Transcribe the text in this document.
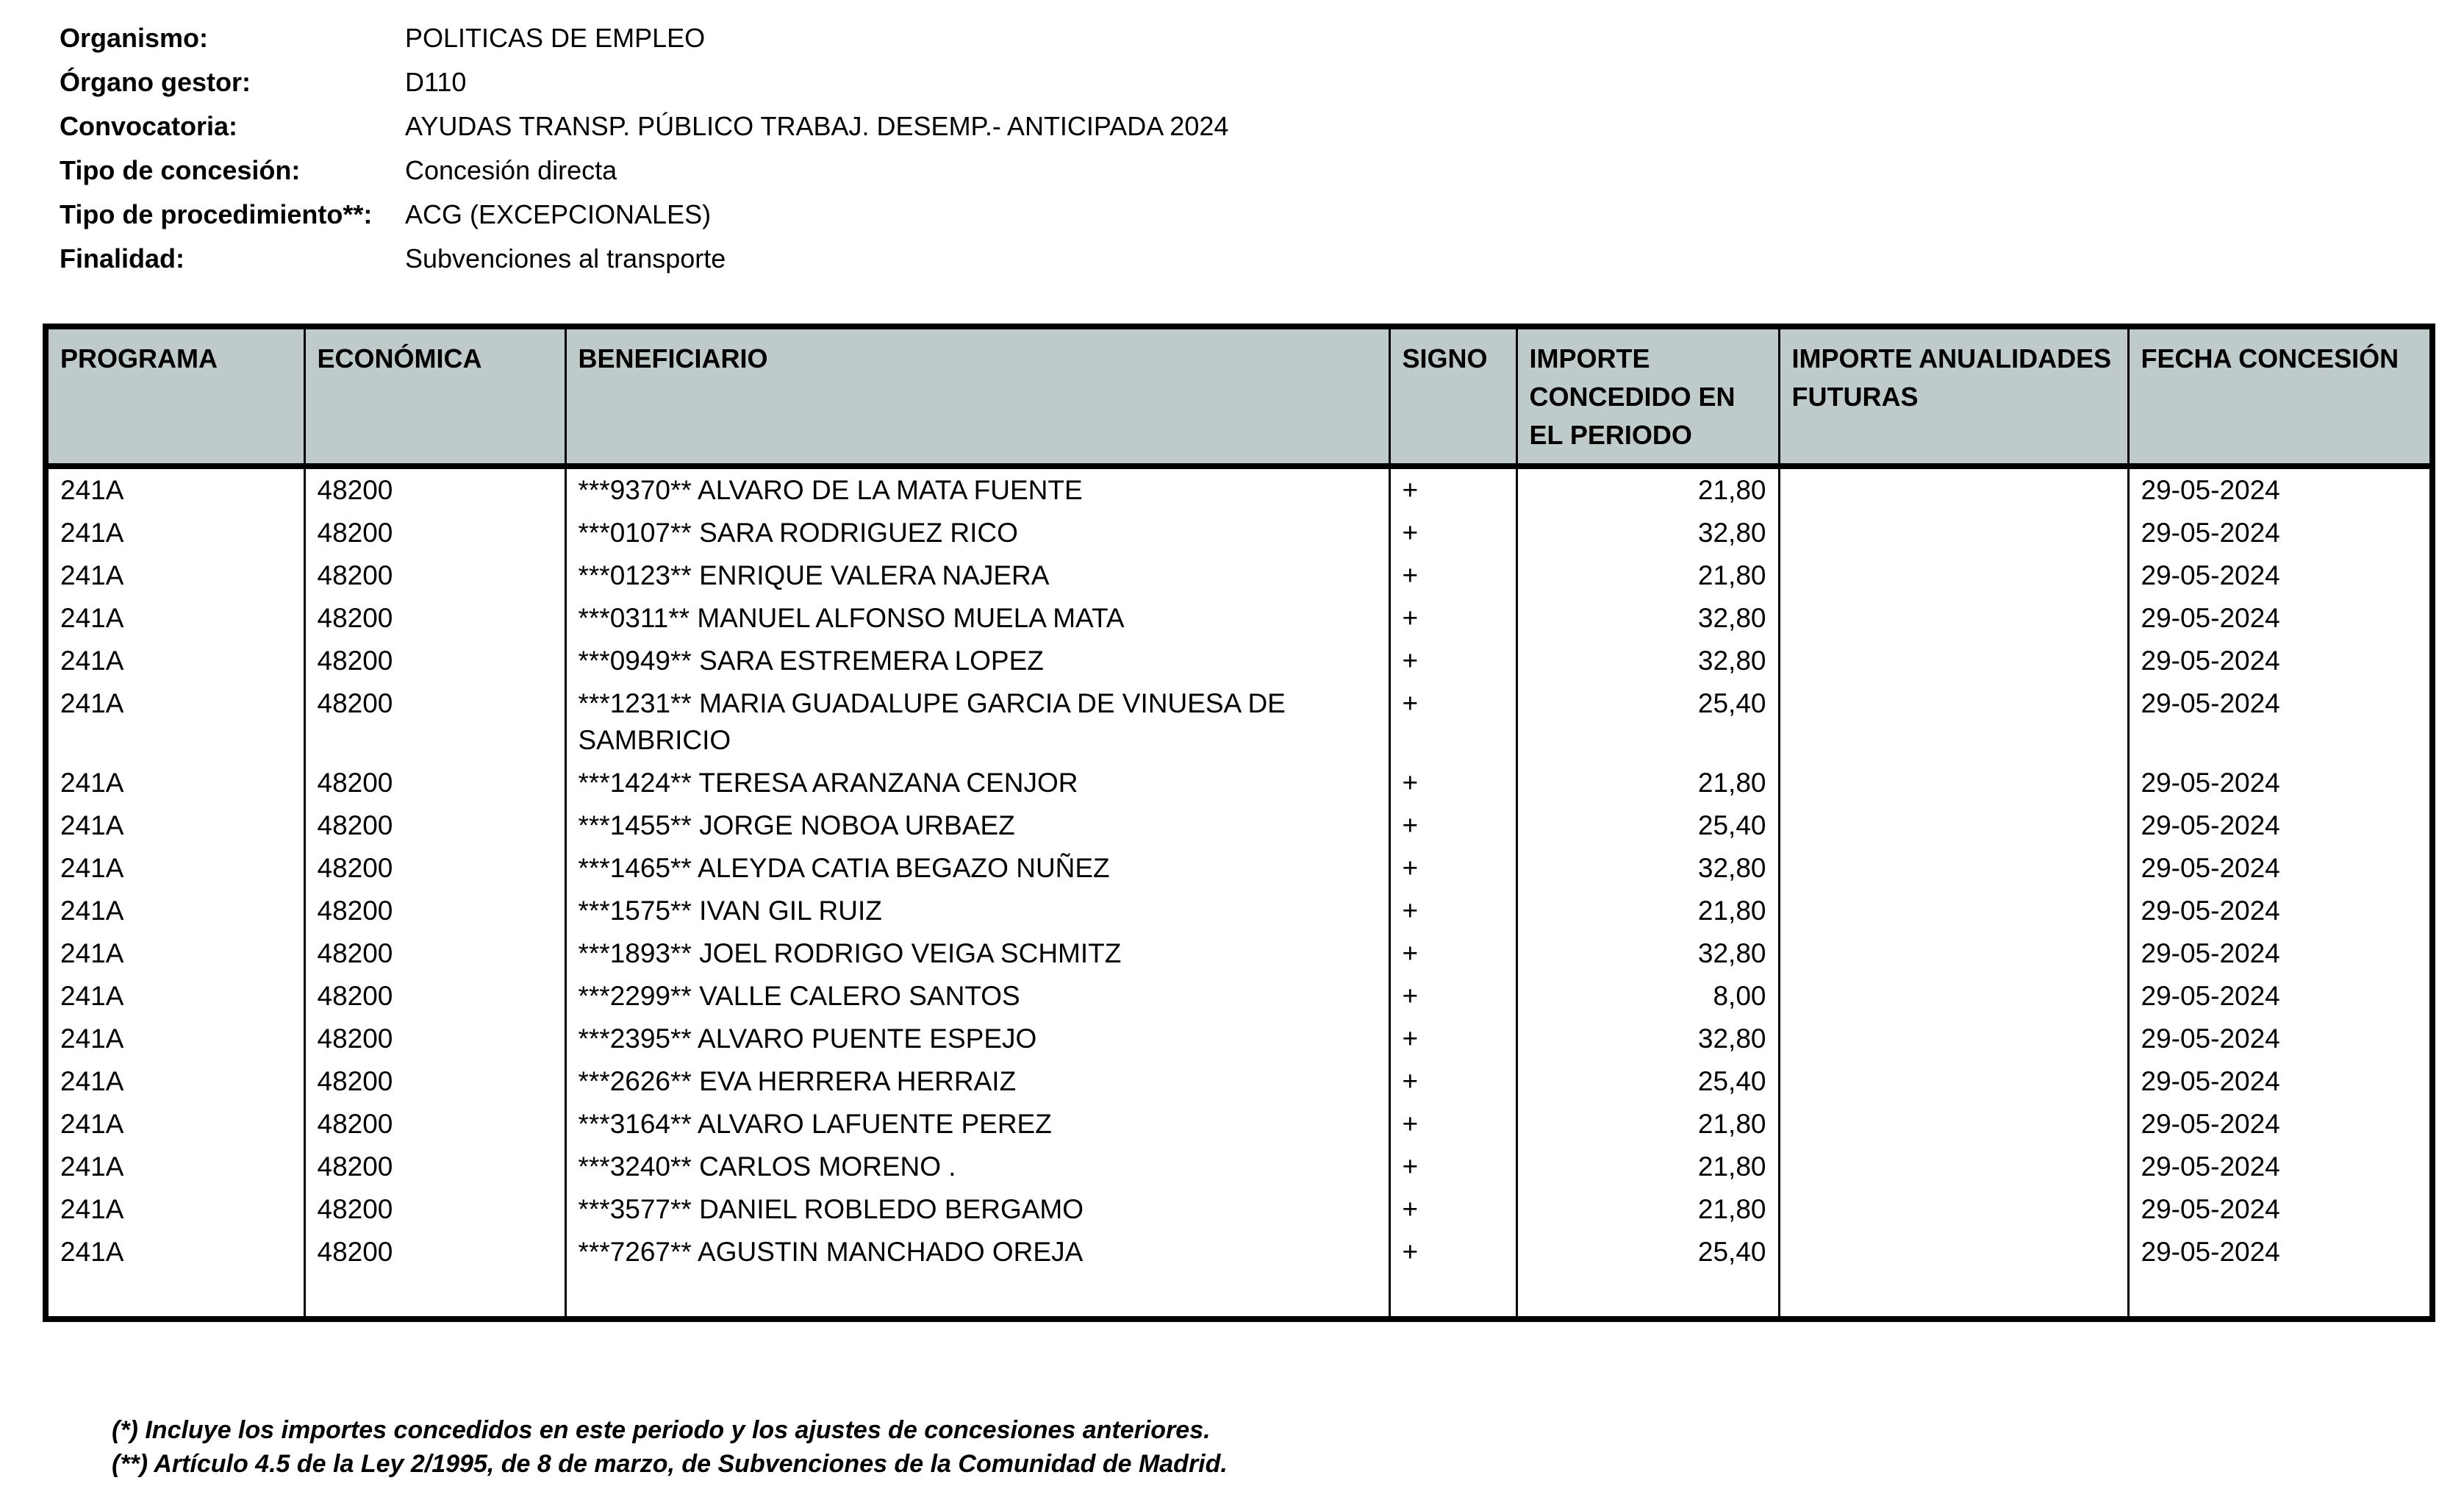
Organismo:	POLITICAS DE EMPLEO
Órgano gestor:	D110
Convocatoria:	AYUDAS TRANSP. PÚBLICO TRABAJ. DESEMP.- ANTICIPADA 2024
Tipo de concesión:	Concesión directa
Tipo de procedimiento**:	ACG (EXCEPCIONALES)
Finalidad:	Subvenciones al transporte
PROGRAMA	ECONÓMICA	BENEFICIARIO	SIGNO	IMPORTE CONCEDIDO EN EL PERIODO	IMPORTE ANUALIDADES FUTURAS	FECHA CONCESIÓN
241A	48200	***9370** ALVARO DE LA MATA FUENTE	+	21,80		29-05-2024
241A	48200	***0107** SARA RODRIGUEZ RICO	+	32,80		29-05-2024
241A	48200	***0123** ENRIQUE VALERA NAJERA	+	21,80		29-05-2024
241A	48200	***0311** MANUEL ALFONSO MUELA MATA	+	32,80		29-05-2024
241A	48200	***0949** SARA ESTREMERA LOPEZ	+	32,80		29-05-2024
241A	48200	***1231** MARIA GUADALUPE GARCIA DE VINUESA DE SAMBRICIO	+	25,40		29-05-2024
241A	48200	***1424** TERESA ARANZANA CENJOR	+	21,80		29-05-2024
241A	48200	***1455** JORGE NOBOA URBAEZ	+	25,40		29-05-2024
241A	48200	***1465** ALEYDA CATIA BEGAZO NUÑEZ	+	32,80		29-05-2024
241A	48200	***1575** IVAN GIL RUIZ	+	21,80		29-05-2024
241A	48200	***1893** JOEL RODRIGO VEIGA SCHMITZ	+	32,80		29-05-2024
241A	48200	***2299** VALLE CALERO SANTOS	+	8,00		29-05-2024
241A	48200	***2395** ALVARO PUENTE ESPEJO	+	32,80		29-05-2024
241A	48200	***2626** EVA HERRERA HERRAIZ	+	25,40		29-05-2024
241A	48200	***3164** ALVARO LAFUENTE PEREZ	+	21,80		29-05-2024
241A	48200	***3240** CARLOS MORENO .	+	21,80		29-05-2024
241A	48200	***3577** DANIEL ROBLEDO BERGAMO	+	21,80		29-05-2024
241A	48200	***7267** AGUSTIN MANCHADO OREJA	+	25,40		29-05-2024

(*) Incluye los importes concedidos en este periodo y los ajustes de concesiones anteriores.
(**) Artículo 4.5 de la Ley 2/1995, de 8 de marzo, de Subvenciones de la Comunidad de Madrid.
